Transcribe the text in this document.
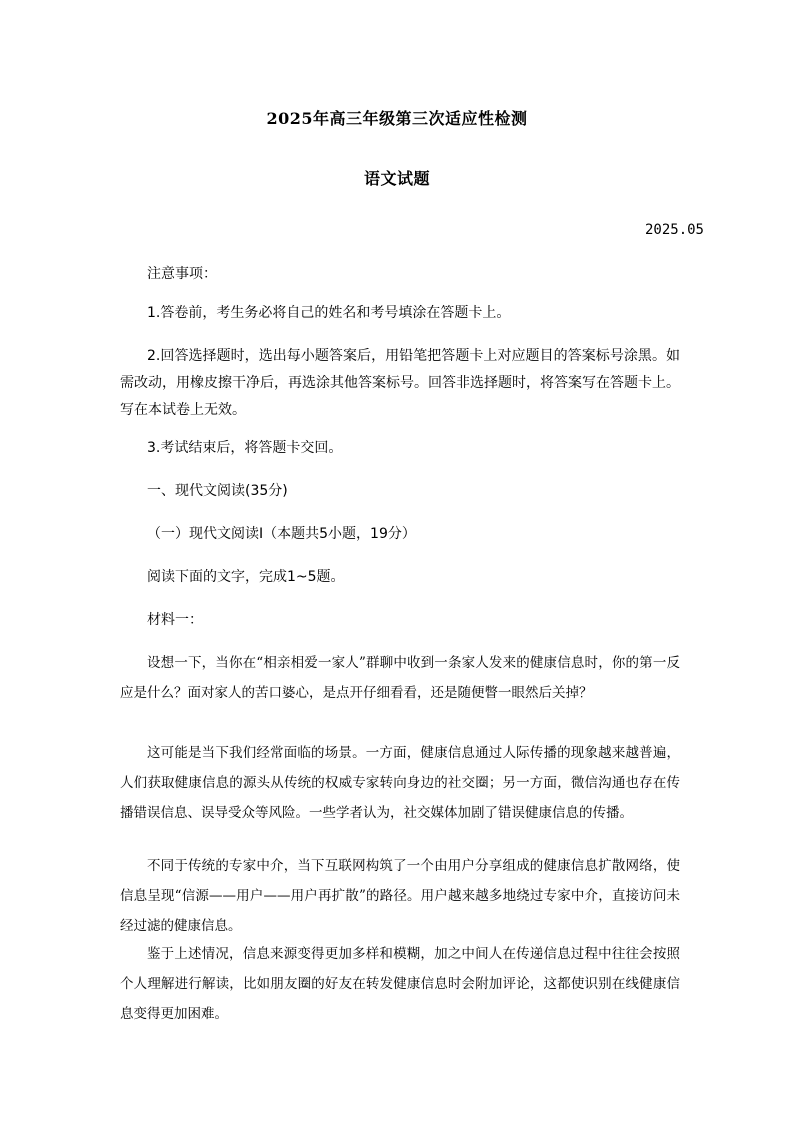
2025年高三年级第三次适应性检测
语文试题
2025.05
注意事项：
1.答卷前，考生务必将自己的姓名和考号填涂在答题卡上。
2.回答选择题时，选出每小题答案后，用铅笔把答题卡上对应题目的答案标号涂黑。如需改动，用橡皮擦干净后，再选涂其他答案标号。回答非选择题时，将答案写在答题卡上。写在本试卷上无效。
3.考试结束后，将答题卡交回。
一、现代文阅读(35分)
（一）现代文阅读Ⅰ（本题共5小题，19分）
阅读下面的文字，完成1~5题。
材料一：
设想一下，当你在“相亲相爱一家人”群聊中收到一条家人发来的健康信息时，你的第一反应是什么？面对家人的苦口婆心，是点开仔细看看，还是随便瞥一眼然后关掉？
这可能是当下我们经常面临的场景。一方面，健康信息通过人际传播的现象越来越普遍，人们获取健康信息的源头从传统的权威专家转向身边的社交圈；另一方面，微信沟通也存在传播错误信息、误导受众等风险。一些学者认为，社交媒体加剧了错误健康信息的传播。
不同于传统的专家中介，当下互联网构筑了一个由用户分享组成的健康信息扩散网络，使信息呈现“信源——用户——用户再扩散”的路径。用户越来越多地绕过专家中介，直接访问未经过滤的健康信息。
鉴于上述情况，信息来源变得更加多样和模糊，加之中间人在传递信息过程中往往会按照个人理解进行解读，比如朋友圈的好友在转发健康信息时会附加评论，这都使识别在线健康信息变得更加困难。
